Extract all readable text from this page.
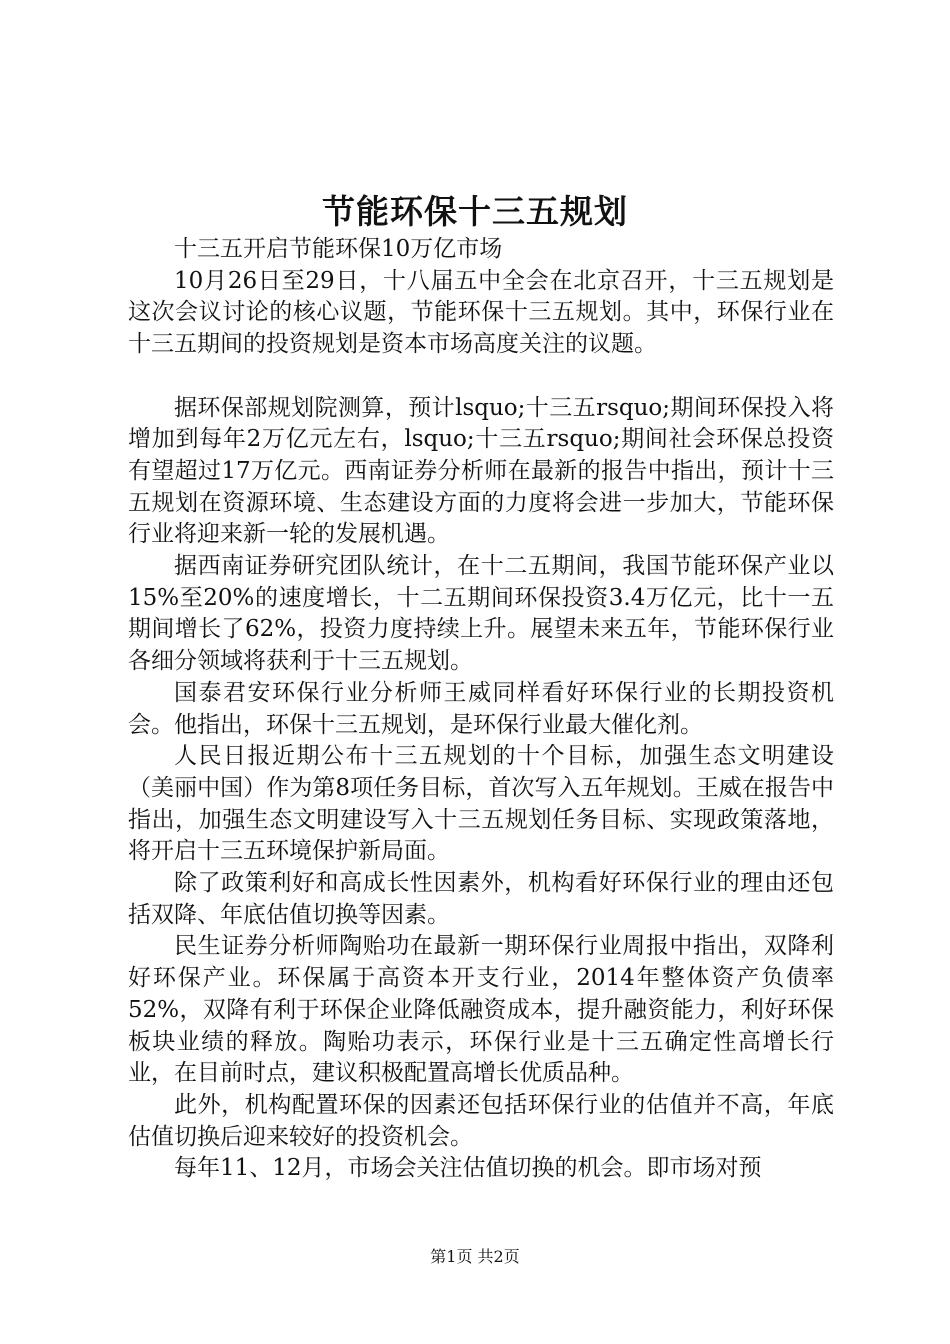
节能环保十三五规划

十三五开启节能环保10万亿市场

10月26日至29日，十八届五中全会在北京召开，十三五规划是这次会议讨论的核心议题，节能环保十三五规划。其中，环保行业在十三五期间的投资规划是资本市场高度关注的议题。

据环保部规划院测算，预计lsquo;十三五rsquo;期间环保投入将增加到每年2万亿元左右，lsquo;十三五rsquo;期间社会环保总投资有望超过17万亿元。西南证券分析师在最新的报告中指出，预计十三五规划在资源环境、生态建设方面的力度将会进一步加大，节能环保行业将迎来新一轮的发展机遇。

据西南证券研究团队统计，在十二五期间，我国节能环保产业以15%至20%的速度增长，十二五期间环保投资3.4万亿元，比十一五期间增长了62%，投资力度持续上升。展望未来五年，节能环保行业各细分领域将获利于十三五规划。

国泰君安环保行业分析师王威同样看好环保行业的长期投资机会。他指出，环保十三五规划，是环保行业最大催化剂。

人民日报近期公布十三五规划的十个目标，加强生态文明建设（美丽中国）作为第8项任务目标，首次写入五年规划。王威在报告中指出，加强生态文明建设写入十三五规划任务目标、实现政策落地，将开启十三五环境保护新局面。

除了政策利好和高成长性因素外，机构看好环保行业的理由还包括双降、年底估值切换等因素。

民生证券分析师陶贻功在最新一期环保行业周报中指出，双降利好环保产业。环保属于高资本开支行业，2014年整体资产负债率52%，双降有利于环保企业降低融资成本，提升融资能力，利好环保板块业绩的释放。陶贻功表示，环保行业是十三五确定性高增长行业，在目前时点，建议积极配置高增长优质品种。

此外，机构配置环保的因素还包括环保行业的估值并不高，年底估值切换后迎来较好的投资机会。

每年11、12月，市场会关注估值切换的机会。即市场对预

第1页 共2页
